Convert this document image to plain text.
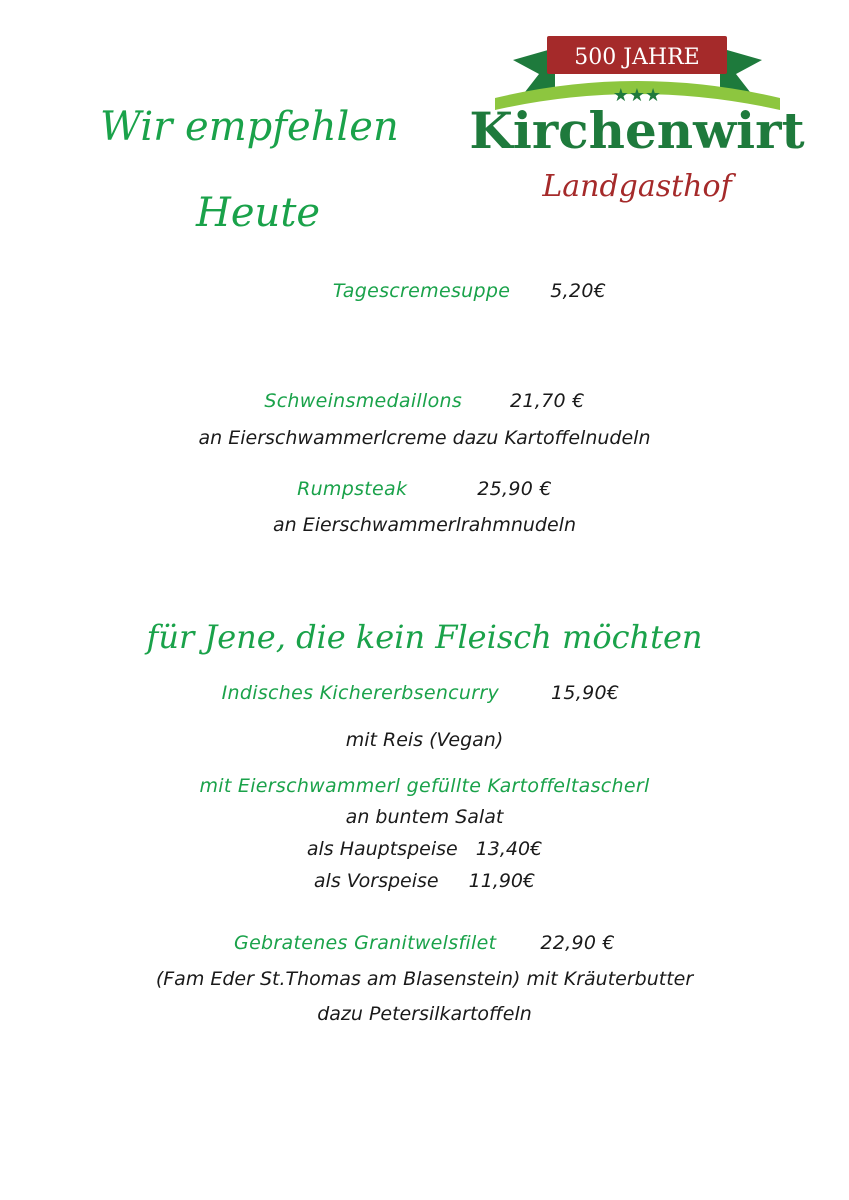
Wir empfehlen
Heute
500 JAHRE
★★★
Kirchenwirt
Landgasthof
Tagescremesuppe 5,20€
Schweinsmedaillons	21,70 €
an Eierschwammerlcreme dazu Kartoffelnudeln
Rumpsteak	25,90 €
an Eierschwammerlrahmnudeln
für Jene, die kein Fleisch möchten
Indisches Kichererbsencurry	15,90€
mit Reis (Vegan)
mit Eierschwammerl gefüllte Kartoffeltascherl
an buntem Salat
als Hauptspeise 13,40€
als Vorspeise 11,90€
Gebratenes Granitwelsfilet 22,90 €
(Fam Eder St.Thomas am Blasenstein) mit Kräuterbutter
dazu Petersilkartoffeln
